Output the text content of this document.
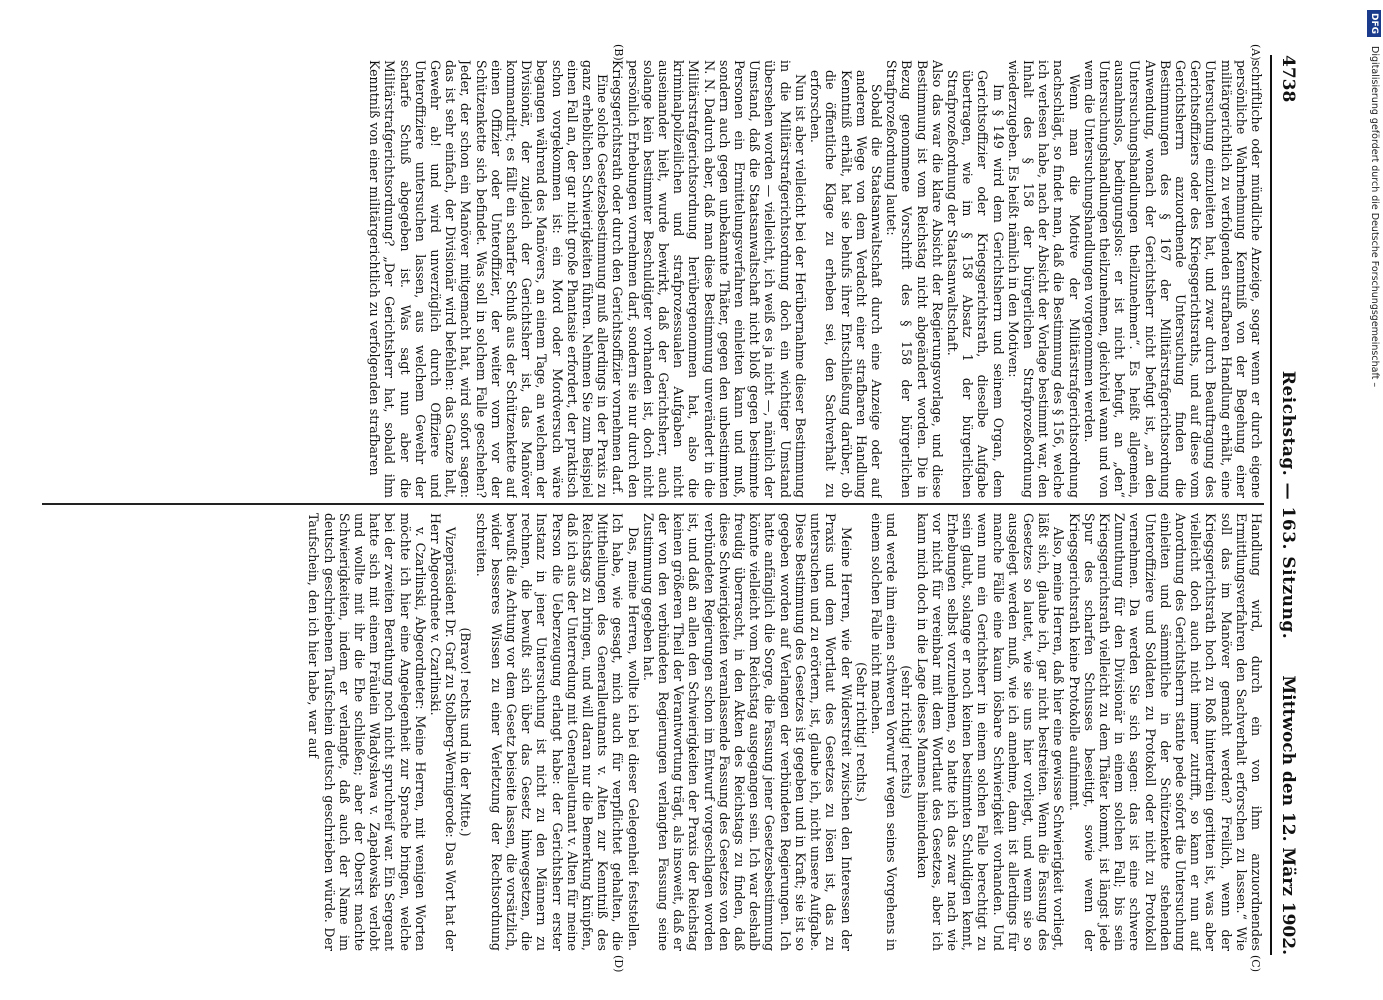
4738
Reichstag. — 163. Sitzung.
Mittwoch den 12. März 1902.
(A)
(B)
(C)
(D)

schriftliche oder mündliche Anzeige, sogar wenn er durch eigene persönliche Wahrnehmung Kenntniß von der Begehung einer militärgerichtlich zu verfolgenden strafbaren Handlung erhält, eine Untersuchung einzuleiten hat, und zwar durch Beauftragung des Gerichtsoffiziers oder des Kriegsgerichtsraths, und auf diese vom Gerichtsherrn anzuordnende Untersuchung finden die Bestimmungen des § 167 der Militärstrafgerichtsordnung Anwendung, wonach der Gerichtsherr nicht befugt ist, „an den Untersuchungshandlungen theilzunehmen“. Es heißt allgemein, ausnahmslos, bedingungslos: er ist nicht befugt, an „den“ Untersuchungshandlungen theilzunehmen, gleichviel wann und von wem die Untersuchungshandlungen vorgenommen werden.

Wenn man die Motive der Militärstrafgerichtsordnung nachschlägt, so findet man, daß die Bestimmung des § 156, welche ich verlesen habe, nach der Absicht der Vorlage bestimmt war, den Inhalt des § 158 der bürgerlichen Strafprozeßordnung wiederzugeben. Es heißt nämlich in den Motiven:

Im § 149 wird dem Gerichtsherrn und seinem Organ, dem Gerichtsoffizier oder Kriegsgerichtsrath, dieselbe Aufgabe übertragen, wie im § 158 Absatz 1 der bürgerlichen Strafprozeßordnung der Staatsanwaltschaft.

Also das war die klare Absicht der Regierungsvorlage, und diese Bestimmung ist vom Reichstag nicht abgeändert worden. Die in Bezug genommene Vorschrift des § 158 der bürgerlichen Strafprozeßordnung lautet:

Sobald die Staatsanwaltschaft durch eine Anzeige oder auf anderem Wege von dem Verdacht einer strafbaren Handlung Kenntniß erhält, hat sie behufs ihrer Entschließung darüber, ob die öffentliche Klage zu erheben sei, den Sachverhalt zu erforschen.

Nun ist aber vielleicht bei der Herübernahme dieser Bestimmung in die Militärstrafgerichtsordnung doch ein wichtiger Umstand übersehen worden — vielleicht, ich weiß es ja nicht —, nämlich der Umstand, daß die Staatsanwaltschaft nicht bloß gegen bestimmte Personen ein Ermittelungsverfahren einleiten kann und muß, sondern auch gegen unbekannte Thäter, gegen den unbestimmten N. N. Dadurch aber, daß man diese Bestimmung unverändert in die Militärstrafgerichtsordnung herübergenommen hat, also die kriminalpolizeilichen und strafprozessualen Aufgaben nicht auseinander hielt, wurde bewirkt, daß der Gerichtsherr, auch solange kein bestimmter Beschuldigter vorhanden ist, doch nicht persönlich Erhebungen vornehmen darf, sondern sie nur durch den Kriegsgerichtsrath oder durch den Gerichtsoffizier vornehmen darf.

Eine solche Gesetzesbestimmung muß allerdings in der Praxis zu ganz erheblichen Schwierigkeiten führen. Nehmen Sie zum Beispiel einen Fall an, der gar nicht große Phantasie erfordert, der praktisch schon vorgekommen ist: ein Mord oder Mordversuch wäre begangen während des Manövers, an einem Tage, an welchem der Divisionär, der zugleich der Gerichtsherr ist, das Manöver kommandirt; es fällt ein scharfer Schuß aus der Schützenkette auf einen Offizier oder Unteroffizier, der weiter vorn vor der Schützenkette sich befindet. Was soll in solchem Falle geschehen? Jeder, der schon ein Manöver mitgemacht hat, wird sofort sagen: das ist sehr einfach, der Divisionär wird befehlen: das Ganze halt, Gewehr ab! und wird unverzüglich durch Offiziere und Unteroffiziere untersuchen lassen, aus welchem Gewehr der scharfe Schuß abgegeben ist. Was sagt nun aber die Militärstrafgerichtsordnung? „Der Gerichtsherr hat, sobald ihm Kenntniß von einer militärgerichtlich zu verfolgenden strafbaren

Handlung wird, durch ein von ihm anzuordnendes Ermittlungsverfahren den Sachverhalt erforschen zu lassen.“ Wie soll das im Manöver gemacht werden? Freilich, wenn der Kriegsgerichtsrath hoch zu Roß hinterdrein geritten ist, was aber vielleicht doch auch nicht immer zutrifft, so kann er nun auf Anordnung des Gerichtsherrn stante pede sofort die Untersuchung einleiten und sämmtliche in der Schützenkette stehenden Unteroffiziere und Soldaten zu Protokoll oder nicht zu Protokoll vernehmen. Da werden Sie sich sagen: das ist eine schwere Zumuthung für den Divisionär in einem solchen Fall; bis sein Kriegsgerichtsrath vielleicht zu dem Thäter kommt, ist längst jede Spur des scharfen Schusses beseitigt, sowie wenn der Kriegsgerichtsrath keine Protokolle aufnimmt.

Also, meine Herren, daß hier eine gewisse Schwierigkeit vorliegt, läßt sich, glaube ich, gar nicht bestreiten. Wenn die Fassung des Gesetzes so lautet, wie sie uns hier vorliegt, und wenn sie so ausgelegt werden muß, wie ich annehme, dann ist allerdings für manche Fälle eine kaum lösbare Schwierigkeit vorhanden. Und wenn nun ein Gerichtsherr in einem solchen Falle berechtigt zu sein glaubt, solange er noch keinen bestimmten Schuldigen kennt, Erhebungen selbst vorzunehmen, so hatte ich das zwar nach wie vor nicht für vereinbar mit dem Wortlaut des Gesetzes, aber ich kann mich doch in die Lage dieses Mannes hineindenken

(sehr richtig! rechts)

und werde ihm einen schweren Vorwurf wegen seines Vorgehens in einem solchen Falle nicht machen.

(Sehr richtig! rechts.)

Meine Herren, wie der Widerstreit zwischen den Interessen der Praxis und dem Wortlaut des Gesetzes zu lösen ist, das zu untersuchen und zu erörtern, ist, glaube ich, nicht unsere Aufgabe. Diese Bestimmung des Gesetzes ist gegeben und in Kraft; sie ist so gegeben worden auf Verlangen der verbündeten Regierungen. Ich hatte anfänglich die Sorge, die Fassung jener Gesetzesbestimmung könnte vielleicht vom Reichstag ausgegangen sein. Ich war deshalb freudig überrascht, in den Akten des Reichstags zu finden, daß diese Schwierigkeiten veranlassende Fassung des Gesetzes von den verbündeten Regierungen schon im Entwurf vorgeschlagen worden ist, und daß an allen den Schwierigkeiten der Praxis der Reichstag keinen größeren Theil der Verantwortung trägt, als insoweit, daß er der von den verbündeten Regierungen verlangten Fassung seine Zustimmung gegeben hat.

Das, meine Herren, wollte ich bei dieser Gelegenheit feststellen. Ich habe, wie gesagt, mich auch für verpflichtet gehalten, die Mittheilungen des Generalleutnants v. Alten zur Kenntniß des Reichstags zu bringen, und will daran nur die Bemerkung knüpfen, daß ich aus der Unterredung mit Generalleutnant v. Alten für meine Person die Ueberzeugung erlangt habe: der Gerichtsherr erster Instanz in jener Untersuchung ist nicht zu den Männern zu rechnen, die bewußt sich über das Gesetz hinwegsetzen, die bewußt die Achtung vor dem Gesetz beiseite lassen, die vorsätzlich, wider besseres Wissen zu einer Verletzung der Rechtsordnung schreiten.

(Bravo! rechts und in der Mitte.)

Vizepräsident Dr. Graf zu Stolberg-Wernigerode: Das Wort hat der Herr Abgeordnete v. Czarlinski.

v. Czarlinski, Abgeordneter: Meine Herren, mit wenigen Worten möchte ich hier eine Angelegenheit zur Sprache bringen, welche bei der zweiten Berathung noch nicht spruchreif war. Ein Sergeant hatte sich mit einem Fräulein Władysława v. Zapałowska verlobt und wollte mit ihr die Ehe schließen; aber der Oberst machte Schwierigkeiten, indem er verlangte, daß auch der Name im deutsch geschriebenen Taufschein deutsch geschrieben würde. Der Taufschein, den ich hier habe, war auf

DFG Digitalisierung gefördert durch die Deutsche Forschungsgemeinschaft –
